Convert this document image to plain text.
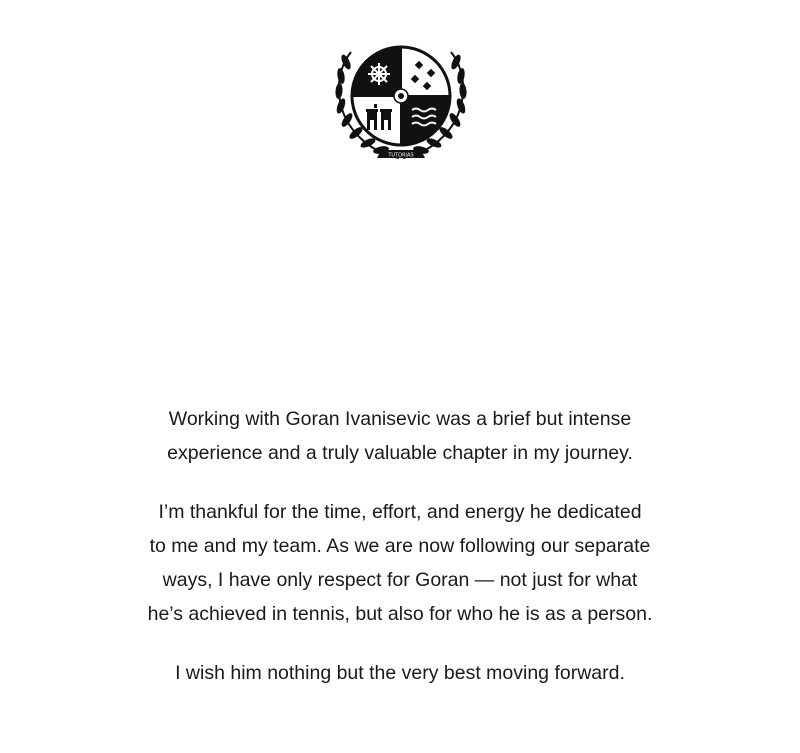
TUTORIAS

Working with Goran Ivanisevic was a brief but intense
experience and a truly valuable chapter in my journey.

I’m thankful for the time, effort, and energy he dedicated
to me and my team. As we are now following our separate
ways, I have only respect for Goran — not just for what
he’s achieved in tennis, but also for who he is as a person.

I wish him nothing but the very best moving forward.
